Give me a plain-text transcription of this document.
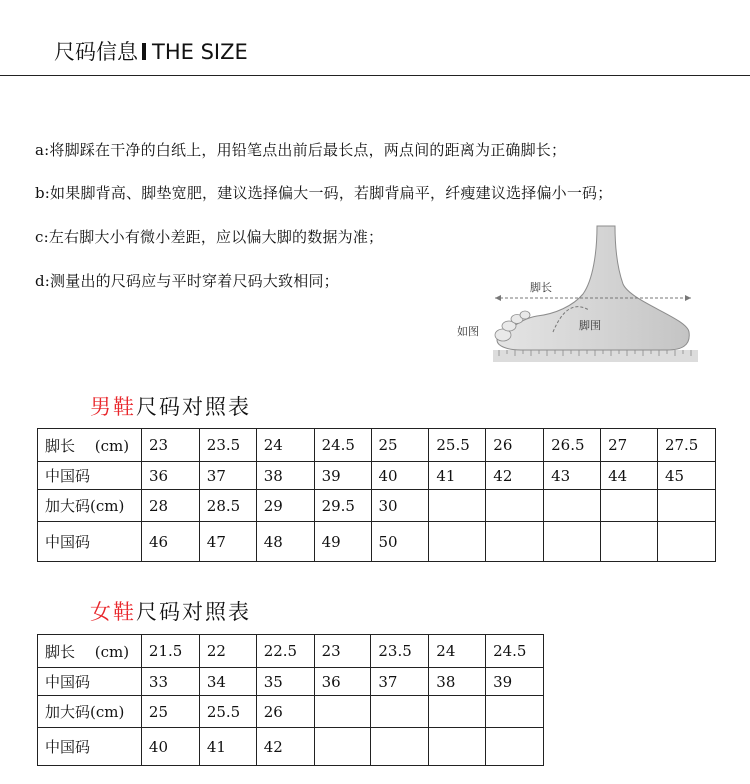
尺码信息 THE SIZE
a:将脚踩在干净的白纸上，用铅笔点出前后最长点，两点间的距离为正确脚长；
b:如果脚背高、脚垫宽肥，建议选择偏大一码，若脚背扁平，纤瘦建议选择偏小一码；
c:左右脚大小有微小差距，应以偏大脚的数据为准；
d:测量出的尺码应与平时穿着尺码大致相同；	脚长
脚围
如图
男鞋尺码对照表
脚长 　(cm)	23	23.5	24	24.5	25	25.5	26	26.5	27	27.5
中国码	36	37	38	39	40	41	42	43	44	45
加大码(cm)	28	28.5	29	29.5	30					
中国码	46	47	48	49	50					
女鞋尺码对照表
脚长 　(cm)	21.5	22	22.5	23	23.5	24	24.5
中国码	33	34	35	36	37	38	39
加大码(cm)	25	25.5	26				
中国码	40	41	42				
